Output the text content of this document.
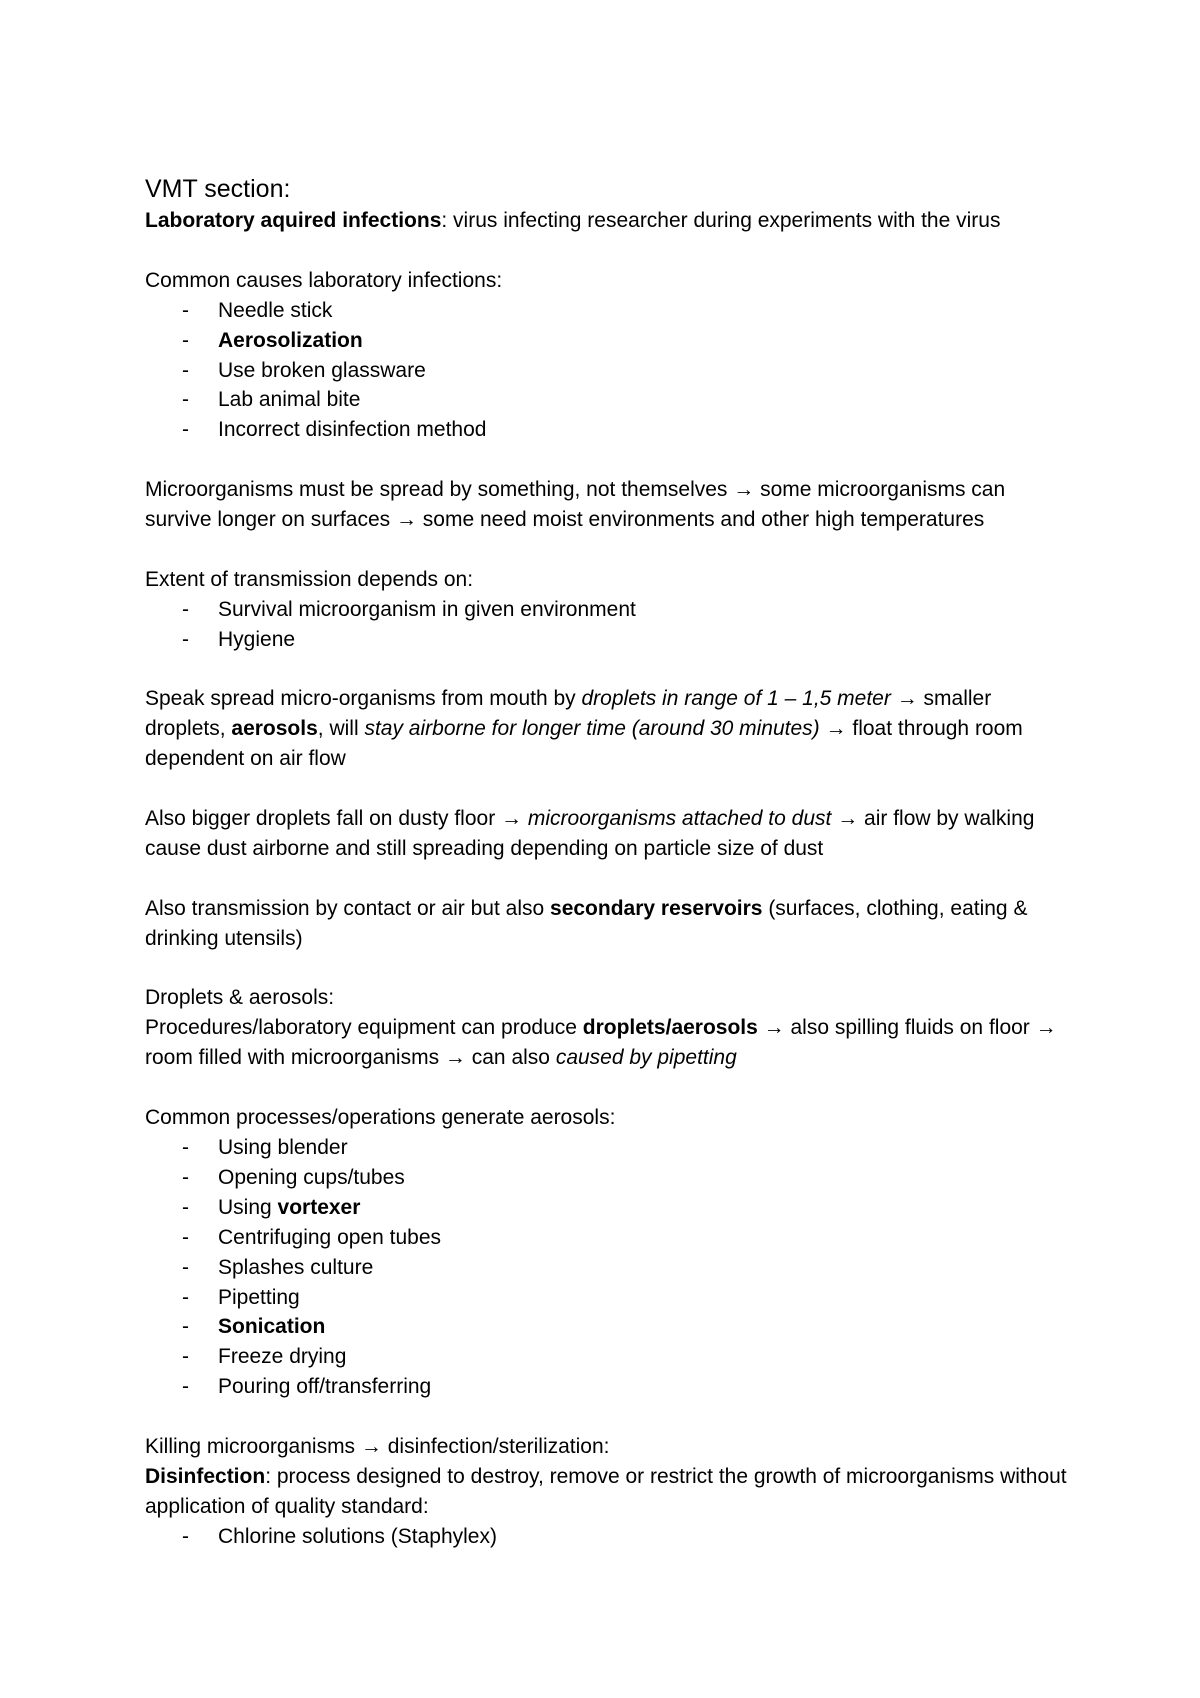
VMT section:
Laboratory aquired infections: virus infecting researcher during experiments with the virus
Common causes laboratory infections:
- Needle stick
- Aerosolization
- Use broken glassware
- Lab animal bite
- Incorrect disinfection method
Microorganisms must be spread by something, not themselves → some microorganisms can survive longer on surfaces → some need moist environments and other high temperatures
Extent of transmission depends on:
- Survival microorganism in given environment
- Hygiene
Speak spread micro-organisms from mouth by droplets in range of 1 – 1,5 meter → smaller droplets, aerosols, will stay airborne for longer time (around 30 minutes) → float through room dependent on air flow
Also bigger droplets fall on dusty floor → microorganisms attached to dust → air flow by walking cause dust airborne and still spreading depending on particle size of dust
Also transmission by contact or air but also secondary reservoirs (surfaces, clothing, eating & drinking utensils)
Droplets & aerosols:
Procedures/laboratory equipment can produce droplets/aerosols → also spilling fluids on floor → room filled with microorganisms → can also caused by pipetting
Common processes/operations generate aerosols:
- Using blender
- Opening cups/tubes
- Using vortexer
- Centrifuging open tubes
- Splashes culture
- Pipetting
- Sonication
- Freeze drying
- Pouring off/transferring
Killing microorganisms → disinfection/sterilization:
Disinfection: process designed to destroy, remove or restrict the growth of microorganisms without application of quality standard:
- Chlorine solutions (Staphylex)
